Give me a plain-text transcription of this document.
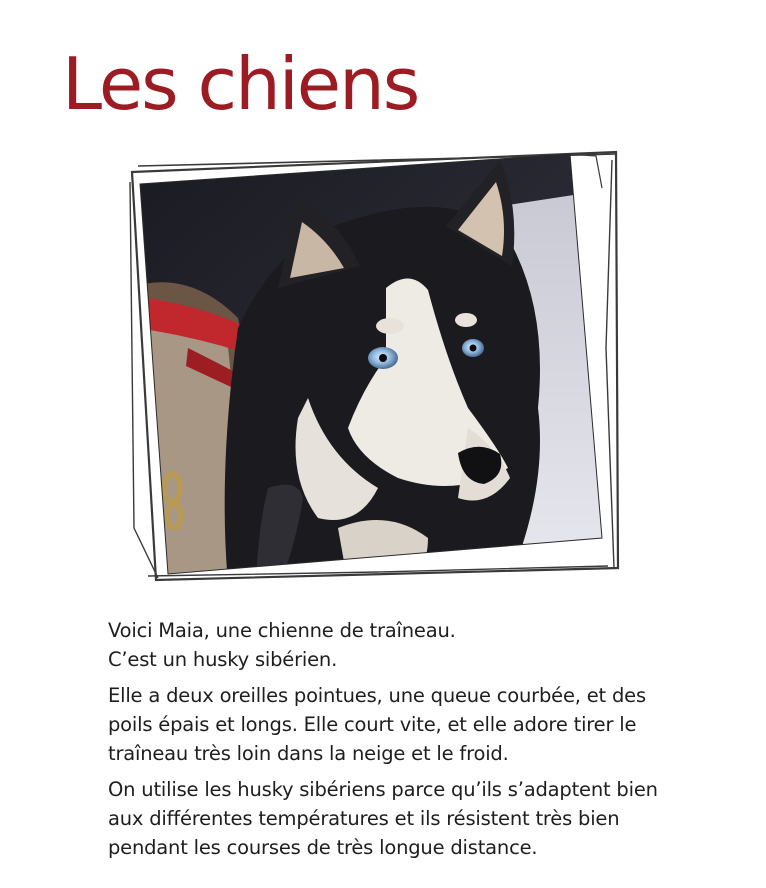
Les chiens

Voici Maia, une chienne de traîneau.
C’est un husky sibérien.

Elle a deux oreilles pointues, une queue courbée, et des
poils épais et longs. Elle court vite, et elle adore tirer le
traîneau très loin dans la neige et le froid.

On utilise les husky sibériens parce qu’ils s’adaptent bien
aux différentes températures et ils résistent très bien
pendant les courses de très longue distance.
